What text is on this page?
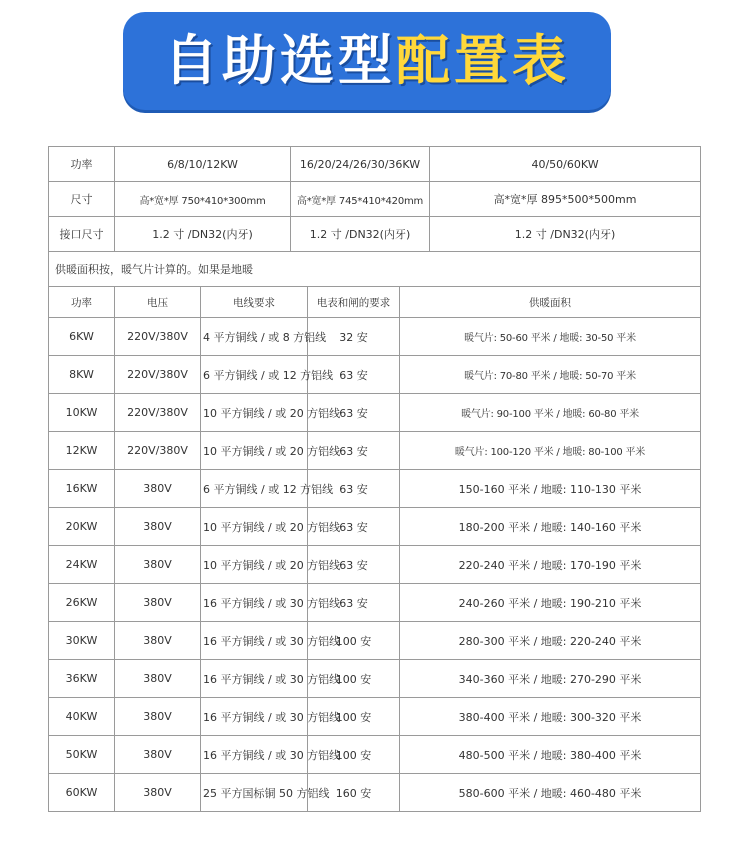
自助选型 配置表
功率	6/8/10/12KW		16/20/24/26/30/36KW			40/50/60KW
尺寸	高*宽*厚 750*410*300mm		高*宽*厚 745*410*420mm			高*宽*厚 895*500*500mm
接口尺寸	1.2 寸 /DN32(内牙)		1.2 寸 /DN32(内牙)			1.2 寸 /DN32(内牙)
供暖面积按，暖气片计算的。如果是地暖						
功率	电压	电线要求		电表和闸的要求	供暖面积	
6KW	220V/380V	4 平方铜线 / 或 8 方铝线		32 安	暖气片: 50-60 平米 / 地暖: 30-50 平米	
8KW	220V/380V	6 平方铜线 / 或 12 方铝线		63 安	暖气片: 70-80 平米 / 地暖: 50-70 平米	
10KW	220V/380V	10 平方铜线 / 或 20 方铝线		63 安	暖气片: 90-100 平米 / 地暖: 60-80 平米	
12KW	220V/380V	10 平方铜线 / 或 20 方铝线		63 安	暖气片: 100-120 平米 / 地暖: 80-100 平米	
16KW	380V	6 平方铜线 / 或 12 方铝线		63 安	150-160 平米 / 地暖: 110-130 平米	
20KW	380V	10 平方铜线 / 或 20 方铝线		63 安	180-200 平米 / 地暖: 140-160 平米	
24KW	380V	10 平方铜线 / 或 20 方铝线		63 安	220-240 平米 / 地暖: 170-190 平米	
26KW	380V	16 平方铜线 / 或 30 方铝线		63 安	240-260 平米 / 地暖: 190-210 平米	
30KW	380V	16 平方铜线 / 或 30 方铝线		100 安	280-300 平米 / 地暖: 220-240 平米	
36KW	380V	16 平方铜线 / 或 30 方铝线		100 安	340-360 平米 / 地暖: 270-290 平米	
40KW	380V	16 平方铜线 / 或 30 方铝线		100 安	380-400 平米 / 地暖: 300-320 平米	
50KW	380V	16 平方铜线 / 或 30 方铝线		100 安	480-500 平米 / 地暖: 380-400 平米	
60KW	380V	25 平方国标铜 50 方铝线		160 安	580-600 平米 / 地暖: 460-480 平米	
